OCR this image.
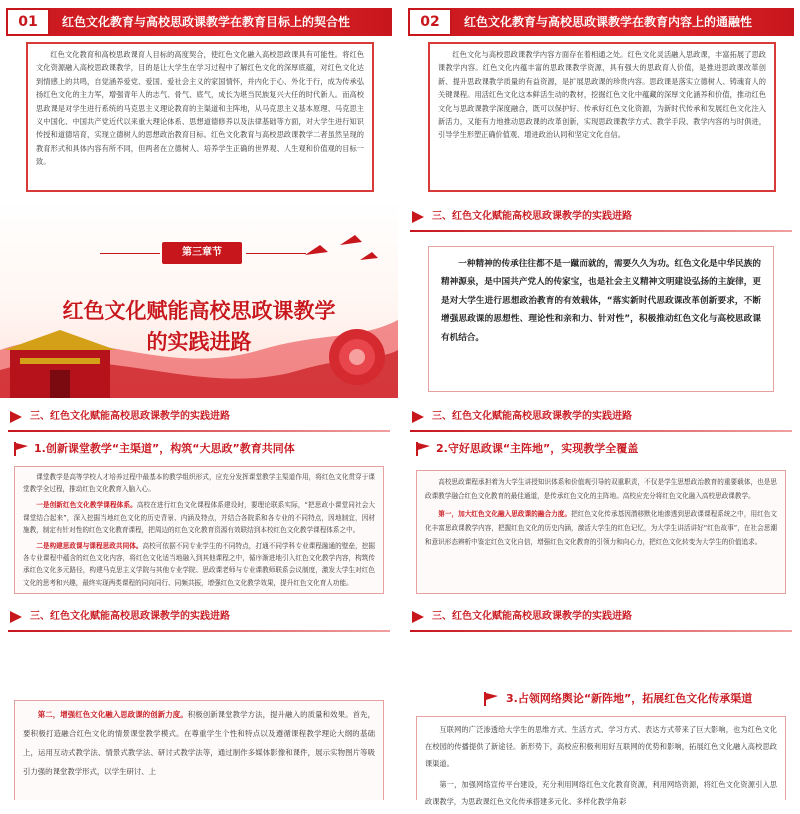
01	红色文化教育与高校思政课教学在教育目标上的契合性

红色文化教育和高校思政课育人目标的高度契合，使红色文化融入高校思政课具有可能性。将红色文化资源融入高校思政课教学，目的是让大学生在学习过程中了解红色文化的深厚底蕴，对红色文化达到情感上的共鸣，自觉涵养爱党、爱国、爱社会主义的家国情怀，并内化于心、外化于行，成为传承弘扬红色文化的主力军，增强青年人的志气、骨气、底气，成长为堪当民族复兴大任的时代新人。而高校思政课是对学生进行系统的马克思主义理论教育的主渠道和主阵地，从马克思主义基本原理、马克思主义中国化、中国共产党近代以来重大理论体系、思想道德修养以及法律基础等方面，对大学生进行知识传授和道德培育，实现立德树人的思想政治教育目标。红色文化教育与高校思政课教学二者虽然呈现的教育形式和具体内容有所不同，但两者在立德树人、培养学生正确的世界观、人生观和价值观的目标一致。

02	红色文化教育与高校思政课教学在教育内容上的通融性

红色文化与高校思政课教学内容方面存在着相通之处。红色文化灵活融入思政课，丰富拓展了思政课教学内容。红色文化内蕴丰富的思政课教学资源，具有强大的思政育人价值，是推进思政课改革创新、提升思政课教学质量的有益资源，是扩展思政课的珍贵内容。思政课是落实立德树人、铸魂育人的关键课程。用活红色文化这本鲜活生动的教材，挖掘红色文化中蕴藏的深厚文化涵养和价值，推动红色文化与思政课教学深度融合，既可以保护好、传承好红色文化资源，为新时代传承和发展红色文化注入新活力，又能有力地推动思政课的改革创新，实现思政课教学方式、教学手段、教学内容的与时俱进，引导学生形塑正确价值观、增进政治认同和坚定文化自信。

第三章节
红色文化赋能高校思政课教学
的实践进路
三、红色文化赋能高校思政课教学的实践进路

一种精神的传承往往都不是一蹴而就的，需要久久为功。红色文化是中华民族的精神源泉，是中国共产党人的传家宝，也是社会主义精神文明建设弘扬的主旋律，更是对大学生进行思想政治教育的有效载体，“落实新时代思政课改革创新要求，不断增强思政课的思想性、理论性和亲和力、针对性”，积极推动红色文化与高校思政课有机结合。

三、红色文化赋能高校思政课教学的实践进路
1.创新课堂教学“主渠道”，构筑“大思政”教育共同体

课堂教学是高等学校人才培养过程中最基本的教学组织形式，应充分发挥课堂教学主渠道作用，将红色文化贯穿于课堂教学全过程，推动红色文化教育入脑入心。

一是创新红色文化教学课程体系。高校在进行红色文化课程体系建设时，要理论联系实际，“把思政小课堂同社会大课堂结合起来”，深入挖掘当地红色文化的历史背景、内涵及特点，并结合各院系和各专业的不同特点，因地制宜，因材施教，制定有针对性的红色文化教育课程，把周边的红色文化教育资源有效联结到本校红色文化教学课程体系之中。

二是构建思政课与课程思政共同体。高校可依据不同专业学生的不同特点，打通不同学科专业课程融通的壁垒，挖掘各专业课程中蕴含的红色文化内容，将红色文化适当地融入到其他课程之中，循序渐进地引入红色文化教学内容，构筑传承红色文化多元路径，构建马克思主义学院与其他专业学院、思政课老师与专业课教师联系会议制度，激发大学生对红色文化的思考和兴趣，最终实现两类课程的同向同行、同频共振，增强红色文化教学效果，提升红色文化育人功能。

三、红色文化赋能高校思政课教学的实践进路
2.守好思政课“主阵地”，实现教学全覆盖

高校思政课程承担着为大学生讲授知识体系和价值观引导的双重职责，不仅是学生思想政治教育的重要载体，也是思政课教学融合红色文化教育的最佳通道，是传承红色文化的主阵地。高校应充分将红色文化融入高校思政课教学。

第一，加大红色文化融入思政课的融合力度。把红色文化传承基因潜移默化地渗透到思政课课程系统之中，用红色文化丰富思政课教学内容，把握红色文化的历史内涵，激活大学生的红色记忆，为大学生讲活讲好“红色故事”，在社会思潮和意识形态辨析中鉴定红色文化自信，增强红色文化教育的引领力和向心力，把红色文化转变为大学生的价值追求。

三、红色文化赋能高校思政课教学的实践进路

第二，增强红色文化融入思政课的创新力度。积极创新课堂教学方法，提升融入的质量和效果。首先，要积极打造融合红色文化的情景课堂教学模式。在尊重学生个性和特点以及遵循课程教学理论大纲的基础上，运用互动式教学法、情景式教学法、研讨式教学法等，通过制作多媒体影像和课件，展示实物图片等吸引力强的课堂教学形式，以学生研讨、上

三、红色文化赋能高校思政课教学的实践进路
3.占领网络舆论“新阵地”，拓展红色文化传承渠道

互联网的广泛渗透给大学生的思维方式、生活方式、学习方式、表达方式带来了巨大影响，也为红色文化在校园的传播提供了新途径。新形势下，高校应积极利用好互联网的优势和影响，拓展红色文化融入高校思政课渠道。

第一，加强网络宣传平台建设，充分利用网络红色文化教育资源，利用网络资源，将红色文化资源引入思政课教学，为思政课红色文化传承搭建多元化、多样化教学角彩
